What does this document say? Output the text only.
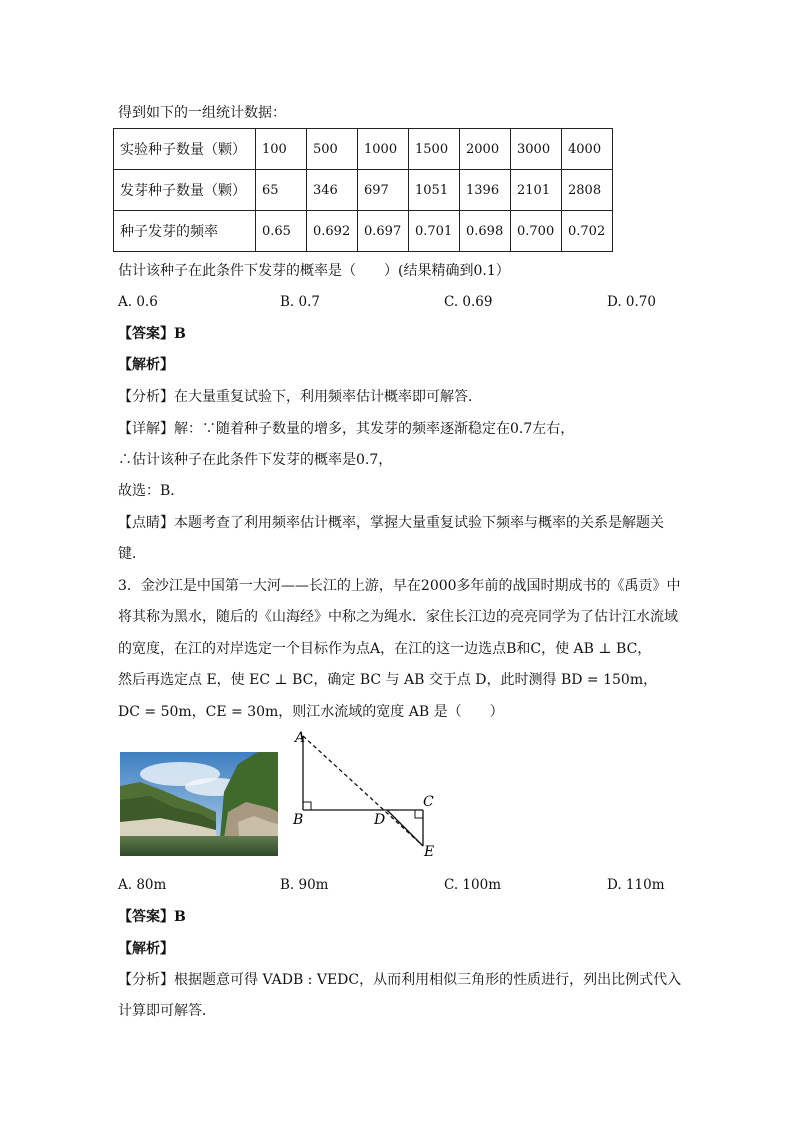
得到如下的一组统计数据：
实验种子数量（颗）	100	500	1000	1500	2000	3000	4000
发芽种子数量（颗）	65	346	697	1051	1396	2101	2808
种子发芽的频率	0.65	0.692	0.697	0.701	0.698	0.700	0.702
估计该种子在此条件下发芽的概率是（　　）(结果精确到0.1）
A. 0.6	B. 0.7	C. 0.69	D. 0.70
【答案】B
【解析】
【分析】在大量重复试验下，利用频率估计概率即可解答．
【详解】解：∵随着种子数量的增多，其发芽的频率逐渐稳定在0.7左右，
∴估计该种子在此条件下发芽的概率是0.7，
故选：B．
【点睛】本题考查了利用频率估计概率，掌握大量重复试验下频率与概率的关系是解题关
键．
3．金沙江是中国第一大河——长江的上游，早在2000多年前的战国时期成书的《禹贡》中
将其称为黑水，随后的《山海经》中称之为绳水．家住长江边的亮亮同学为了估计江水流域
的宽度，在江的对岸选定一个目标作为点A，在江的这一边选点B和C，使 AB ⊥ BC，
然后再选定点 E，使 EC ⊥ BC，确定 BC 与 AB 交于点 D，此时测得 BD = 150m，
DC = 50m，CE = 30m，则江水流域的宽度 AB 是（　　）
A
B
C
D
E
A. 80m	B. 90m	C. 100m	D. 110m
【答案】B
【解析】
【分析】根据题意可得 VADB : VEDC，从而利用相似三角形的性质进行，列出比例式代入
计算即可解答．
